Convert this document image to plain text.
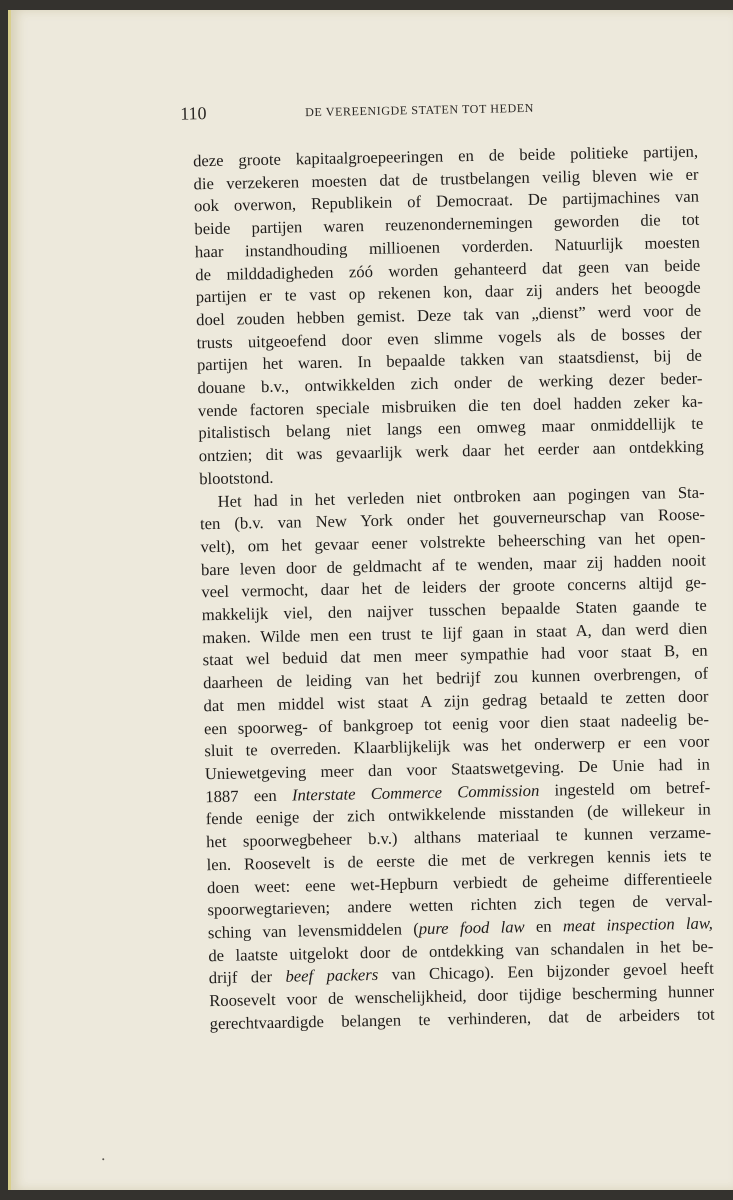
110	DE VEREENIGDE STATEN TOT HEDEN
deze groote kapitaalgroepeeringen en de beide politieke partijen,
die verzekeren moesten dat de trustbelangen veilig bleven wie er
ook overwon, Republikein of Democraat. De partijmachines van
beide partijen waren reuzenondernemingen geworden die tot
haar instandhouding millioenen vorderden. Natuurlijk moesten
de milddadigheden zóó worden gehanteerd dat geen van beide
partijen er te vast op rekenen kon, daar zij anders het beoogde
doel zouden hebben gemist. Deze tak van „dienst” werd voor de
trusts uitgeoefend door even slimme vogels als de bosses der
partijen het waren. In bepaalde takken van staatsdienst, bij de
douane b.v., ontwikkelden zich onder de werking dezer beder-
vende factoren speciale misbruiken die ten doel hadden zeker ka-
pitalistisch belang niet langs een omweg maar onmiddellijk te
ontzien; dit was gevaarlijk werk daar het eerder aan ontdekking
blootstond.
Het had in het verleden niet ontbroken aan pogingen van Sta-
ten (b.v. van New York onder het gouverneurschap van Roose-
velt), om het gevaar eener volstrekte beheersching van het open-
bare leven door de geldmacht af te wenden, maar zij hadden nooit
veel vermocht, daar het de leiders der groote concerns altijd ge-
makkelijk viel, den naijver tusschen bepaalde Staten gaande te
maken. Wilde men een trust te lijf gaan in staat A, dan werd dien
staat wel beduid dat men meer sympathie had voor staat B, en
daarheen de leiding van het bedrijf zou kunnen overbrengen, of
dat men middel wist staat A zijn gedrag betaald te zetten door
een spoorweg- of bankgroep tot eenig voor dien staat nadeelig be-
sluit te overreden. Klaarblijkelijk was het onderwerp er een voor
Uniewetgeving meer dan voor Staatswetgeving. De Unie had in
1887 een Interstate Commerce Commission ingesteld om betref-
fende eenige der zich ontwikkelende misstanden (de willekeur in
het spoorwegbeheer b.v.) althans materiaal te kunnen verzame-
len. Roosevelt is de eerste die met de verkregen kennis iets te
doen weet: eene wet-Hepburn verbiedt de geheime differentieele
spoorwegtarieven; andere wetten richten zich tegen de verval-
sching van levensmiddelen (pure food law en meat inspection law,
de laatste uitgelokt door de ontdekking van schandalen in het be-
drijf der beef packers van Chicago). Een bijzonder gevoel heeft
Roosevelt voor de wenschelijkheid, door tijdige bescherming hunner
gerechtvaardigde belangen te verhinderen, dat de arbeiders tot
